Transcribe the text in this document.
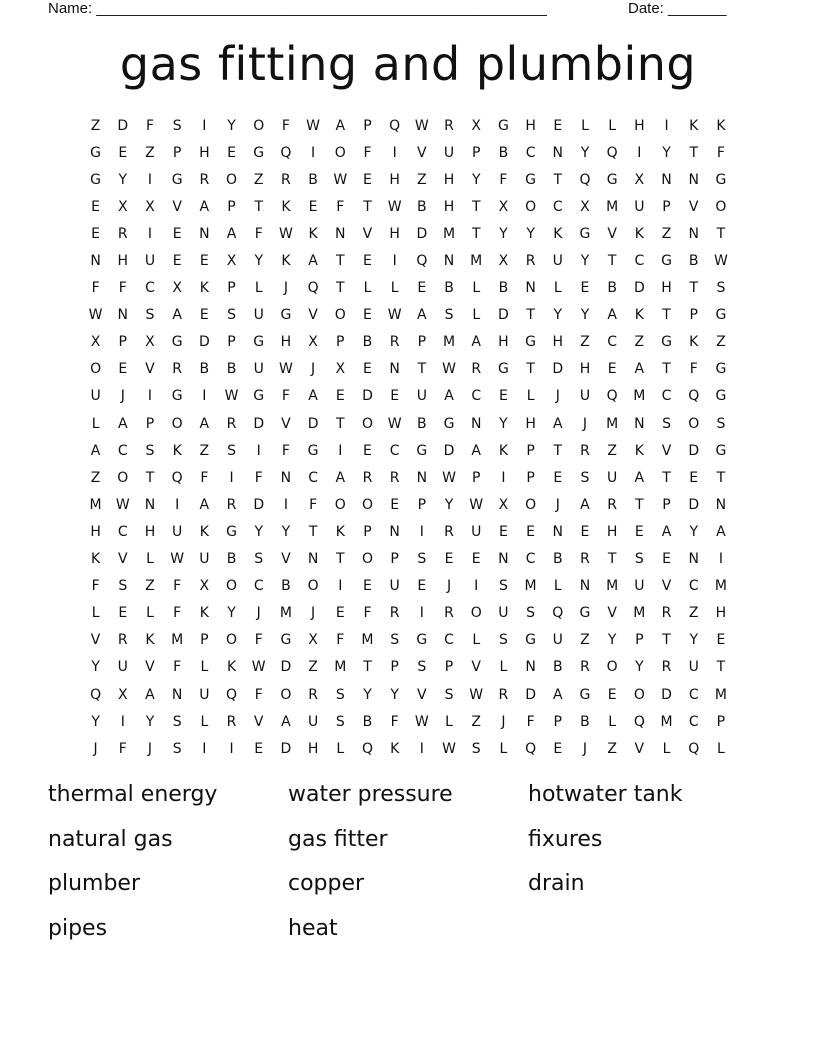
Name: ______________________________________________________	Date: _______
gas fitting and plumbing
Z	D	F	S	I	Y	O	F	W	A	P	Q	W	R	X	G	H	E	L	L	H	I	K	K
G	E	Z	P	H	E	G	Q	I	O	F	I	V	U	P	B	C	N	Y	Q	I	Y	T	F
G	Y	I	G	R	O	Z	R	B	W	E	H	Z	H	Y	F	G	T	Q	G	X	N	N	G
E	X	X	V	A	P	T	K	E	F	T	W	B	H	T	X	O	C	X	M	U	P	V	O
E	R	I	E	N	A	F	W	K	N	V	H	D	M	T	Y	Y	K	G	V	K	Z	N	T
N	H	U	E	E	X	Y	K	A	T	E	I	Q	N	M	X	R	U	Y	T	C	G	B	W
F	F	C	X	K	P	L	J	Q	T	L	L	E	B	L	B	N	L	E	B	D	H	T	S
W	N	S	A	E	S	U	G	V	O	E	W	A	S	L	D	T	Y	Y	A	K	T	P	G
X	P	X	G	D	P	G	H	X	P	B	R	P	M	A	H	G	H	Z	C	Z	G	K	Z
O	E	V	R	B	B	U	W	J	X	E	N	T	W	R	G	T	D	H	E	A	T	F	G
U	J	I	G	I	W	G	F	A	E	D	E	U	A	C	E	L	J	U	Q	M	C	Q	G
L	A	P	O	A	R	D	V	D	T	O	W	B	G	N	Y	H	A	J	M	N	S	O	S
A	C	S	K	Z	S	I	F	G	I	E	C	G	D	A	K	P	T	R	Z	K	V	D	G
Z	O	T	Q	F	I	F	N	C	A	R	R	N	W	P	I	P	E	S	U	A	T	E	T
M	W	N	I	A	R	D	I	F	O	O	E	P	Y	W	X	O	J	A	R	T	P	D	N
H	C	H	U	K	G	Y	Y	T	K	P	N	I	R	U	E	E	N	E	H	E	A	Y	A
K	V	L	W	U	B	S	V	N	T	O	P	S	E	E	N	C	B	R	T	S	E	N	I
F	S	Z	F	X	O	C	B	O	I	E	U	E	J	I	S	M	L	N	M	U	V	C	M
L	E	L	F	K	Y	J	M	J	E	F	R	I	R	O	U	S	Q	G	V	M	R	Z	H
V	R	K	M	P	O	F	G	X	F	M	S	G	C	L	S	G	U	Z	Y	P	T	Y	E
Y	U	V	F	L	K	W	D	Z	M	T	P	S	P	V	L	N	B	R	O	Y	R	U	T
Q	X	A	N	U	Q	F	O	R	S	Y	Y	V	S	W	R	D	A	G	E	O	D	C	M
Y	I	Y	S	L	R	V	A	U	S	B	F	W	L	Z	J	F	P	B	L	Q	M	C	P
J	F	J	S	I	I	E	D	H	L	Q	K	I	W	S	L	Q	E	J	Z	V	L	Q	L
thermal energy	water pressure	hotwater tank
natural gas	gas fitter	fixures
plumber	copper	drain
pipes	heat
